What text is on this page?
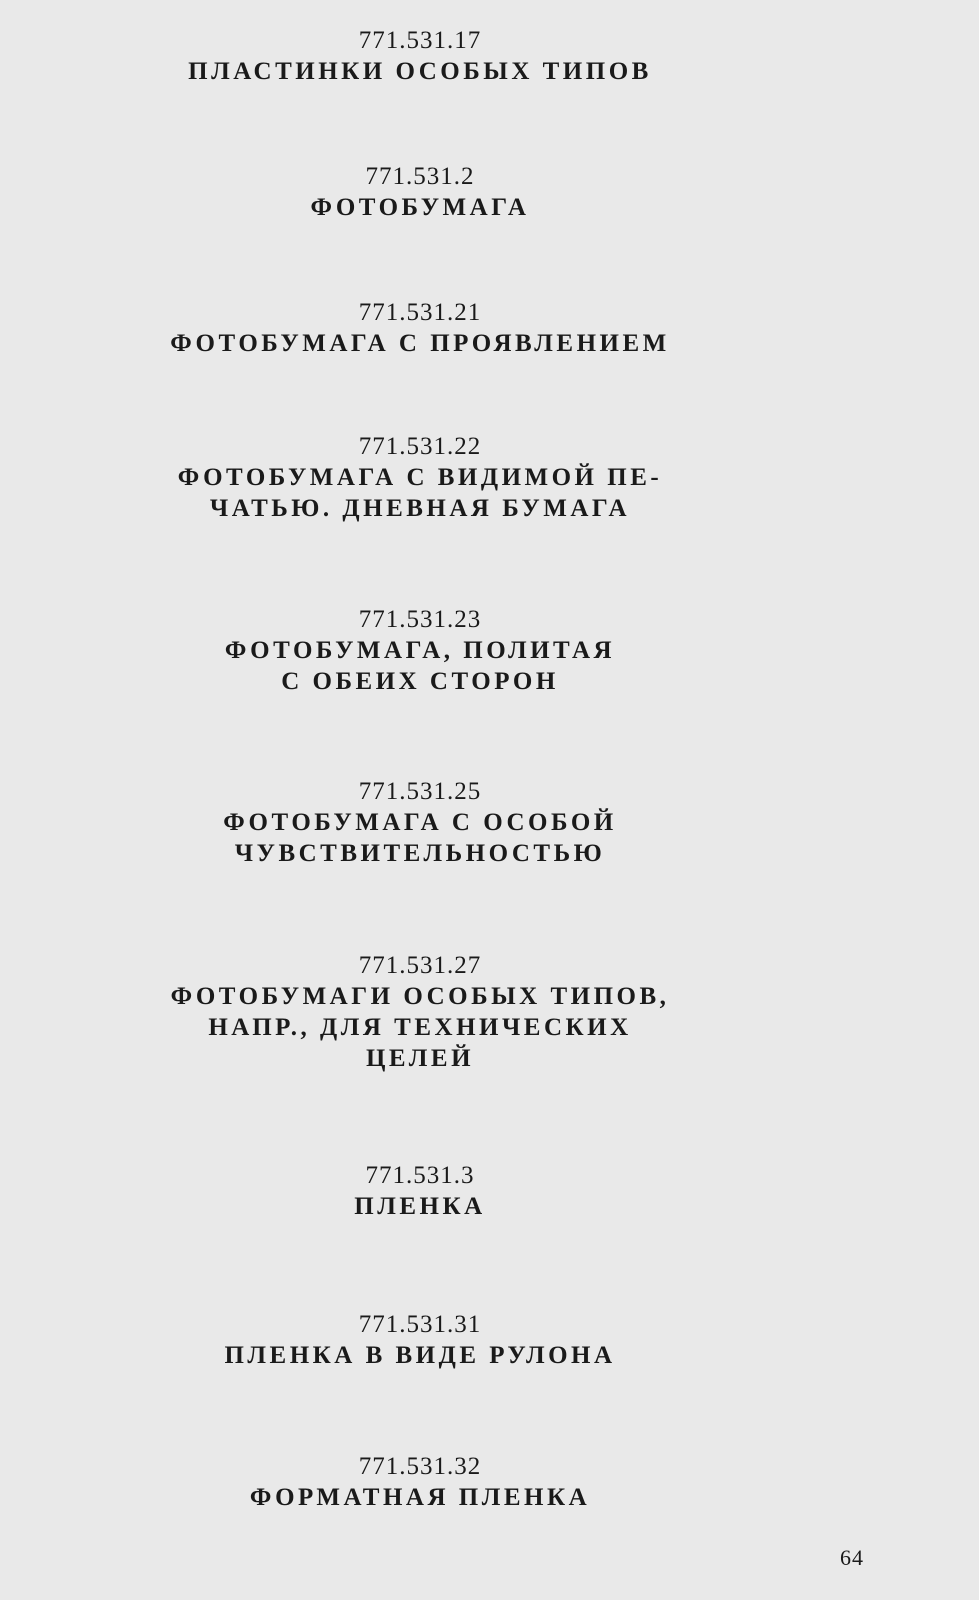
771.531.17
ПЛАСТИНКИ ОСОБЫХ ТИПОВ
771.531.2
ФОТОБУМАГА
771.531.21
ФОТОБУМАГА С ПРОЯВЛЕНИЕМ
771.531.22
ФОТОБУМАГА С ВИДИМОЙ ПЕ-
ЧАТЬЮ. ДНЕВНАЯ БУМАГА
771.531.23
ФОТОБУМАГА, ПОЛИТАЯ
С ОБЕИХ СТОРОН
771.531.25
ФОТОБУМАГА С ОСОБОЙ
ЧУВСТВИТЕЛЬНОСТЬЮ
771.531.27
ФОТОБУМАГИ ОСОБЫХ ТИПОВ,
НАПР., ДЛЯ ТЕХНИЧЕСКИХ
ЦЕЛЕЙ
771.531.3
ПЛЕНКА
771.531.31
ПЛЕНКА В ВИДЕ РУЛОНА
771.531.32
ФОРМАТНАЯ ПЛЕНКА
64
